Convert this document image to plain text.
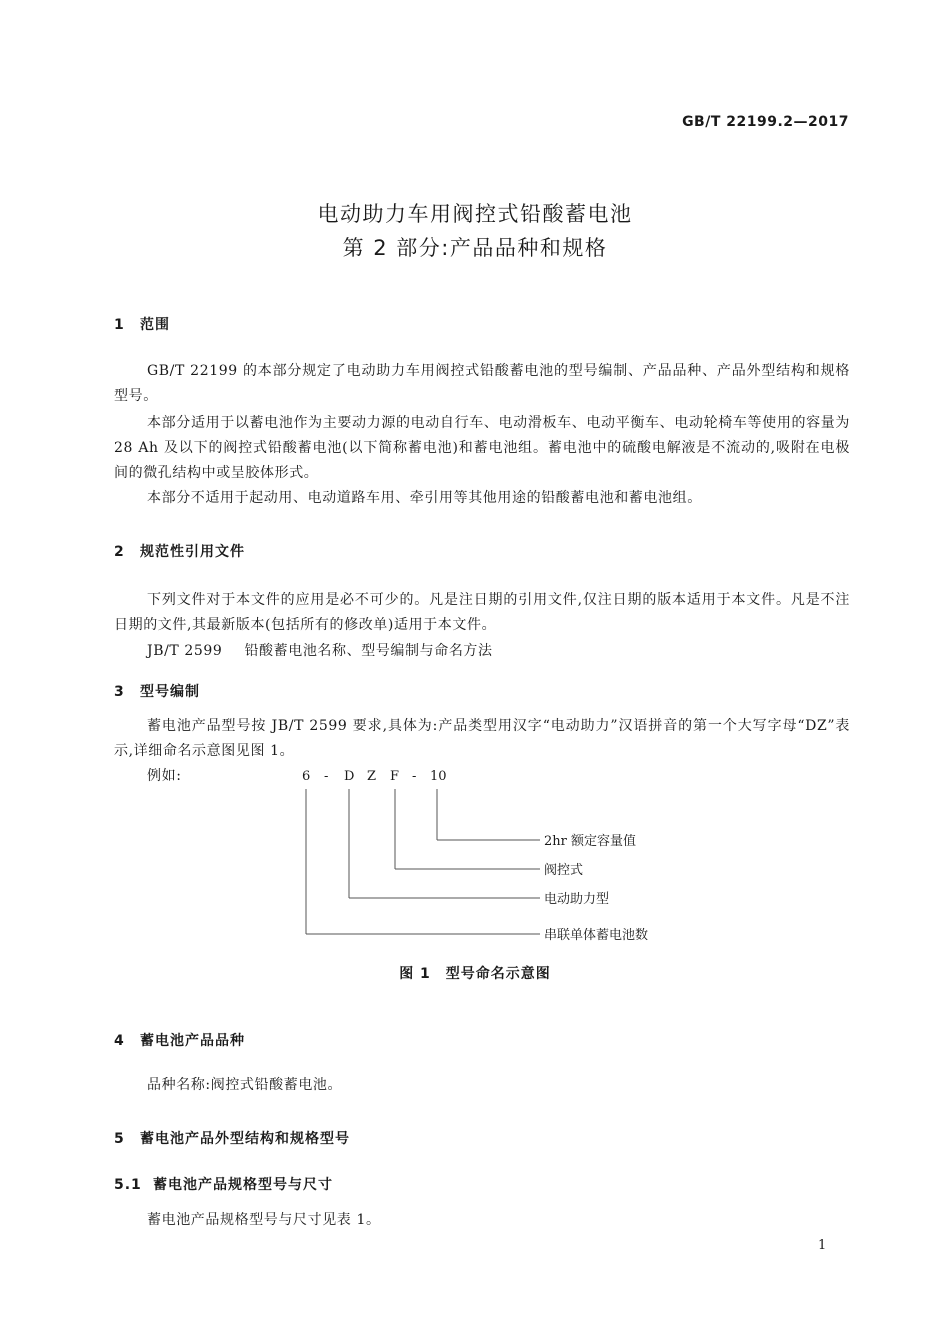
GB/T 22199.2—2017
电动助力车用阀控式铅酸蓄电池
第 2 部分:产品品种和规格
1 范围
GB/T 22199 的本部分规定了电动助力车用阀控式铅酸蓄电池的型号编制、产品品种、产品外型结构和规格型号。
本部分适用于以蓄电池作为主要动力源的电动自行车、电动滑板车、电动平衡车、电动轮椅车等使用的容量为 28 Ah 及以下的阀控式铅酸蓄电池(以下简称蓄电池)和蓄电池组。蓄电池中的硫酸电解液是不流动的,吸附在电极间的微孔结构中或呈胶体形式。
本部分不适用于起动用、电动道路车用、牵引用等其他用途的铅酸蓄电池和蓄电池组。
2 规范性引用文件
下列文件对于本文件的应用是必不可少的。凡是注日期的引用文件,仅注日期的版本适用于本文件。凡是不注日期的文件,其最新版本(包括所有的修改单)适用于本文件。
JB/T 2599 铅酸蓄电池名称、型号编制与命名方法
3 型号编制
蓄电池产品型号按 JB/T 2599 要求,具体为:产品类型用汉字“电动助力”汉语拼音的第一个大写字母“DZ”表示,详细命名示意图见图 1。
例如:	6 - D Z F - 10
2hr 额定容量值
阀控式
电动助力型
串联单体蓄电池数
图 1　型号命名示意图
4 蓄电池产品品种
品种名称:阀控式铅酸蓄电池。
5 蓄电池产品外型结构和规格型号
5.1 蓄电池产品规格型号与尺寸
蓄电池产品规格型号与尺寸见表 1。
1
